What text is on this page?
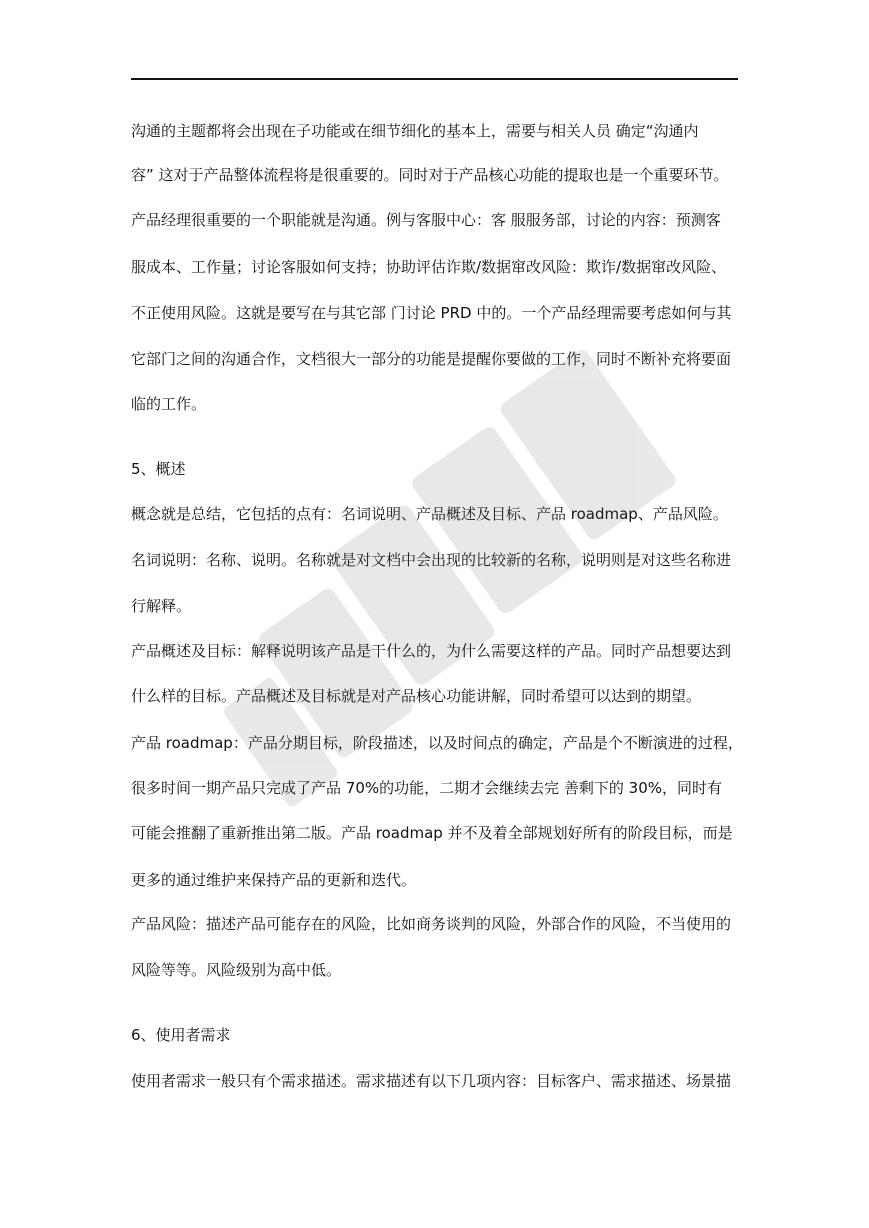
沟通的主题都将会出现在子功能或在细节细化的基本上，需要与相关人员 确定“沟通内
容” 这对于产品整体流程将是很重要的。同时对于产品核心功能的提取也是一个重要环节。
产品经理很重要的一个职能就是沟通。例与客服中心：客 服服务部，讨论的内容：预测客
服成本、工作量；讨论客服如何支持；协助评估诈欺/数据窜改风险：欺诈/数据窜改风险、
不正使用风险。这就是要写在与其它部 门讨论 PRD 中的。一个产品经理需要考虑如何与其
它部门之间的沟通合作，文档很大一部分的功能是提醒你要做的工作，同时不断补充将要面
临的工作。
5、概述
概念就是总结，它包括的点有：名词说明、产品概述及目标、产品 roadmap、产品风险。
名词说明：名称、说明。名称就是对文档中会出现的比较新的名称，说明则是对这些名称进
行解释。
产品概述及目标：解释说明该产品是干什么的，为什么需要这样的产品。同时产品想要达到
什么样的目标。产品概述及目标就是对产品核心功能讲解，同时希望可以达到的期望。
产品 roadmap：产品分期目标，阶段描述，以及时间点的确定，产品是个不断演进的过程，
很多时间一期产品只完成了产品 70%的功能，二期才会继续去完 善剩下的 30%，同时有
可能会推翻了重新推出第二版。产品 roadmap 并不及着全部规划好所有的阶段目标，而是
更多的通过维护来保持产品的更新和迭代。
产品风险：描述产品可能存在的风险，比如商务谈判的风险，外部合作的风险，不当使用的
风险等等。风险级别为高中低。
6、使用者需求
使用者需求一般只有个需求描述。需求描述有以下几项内容：目标客户、需求描述、场景描
